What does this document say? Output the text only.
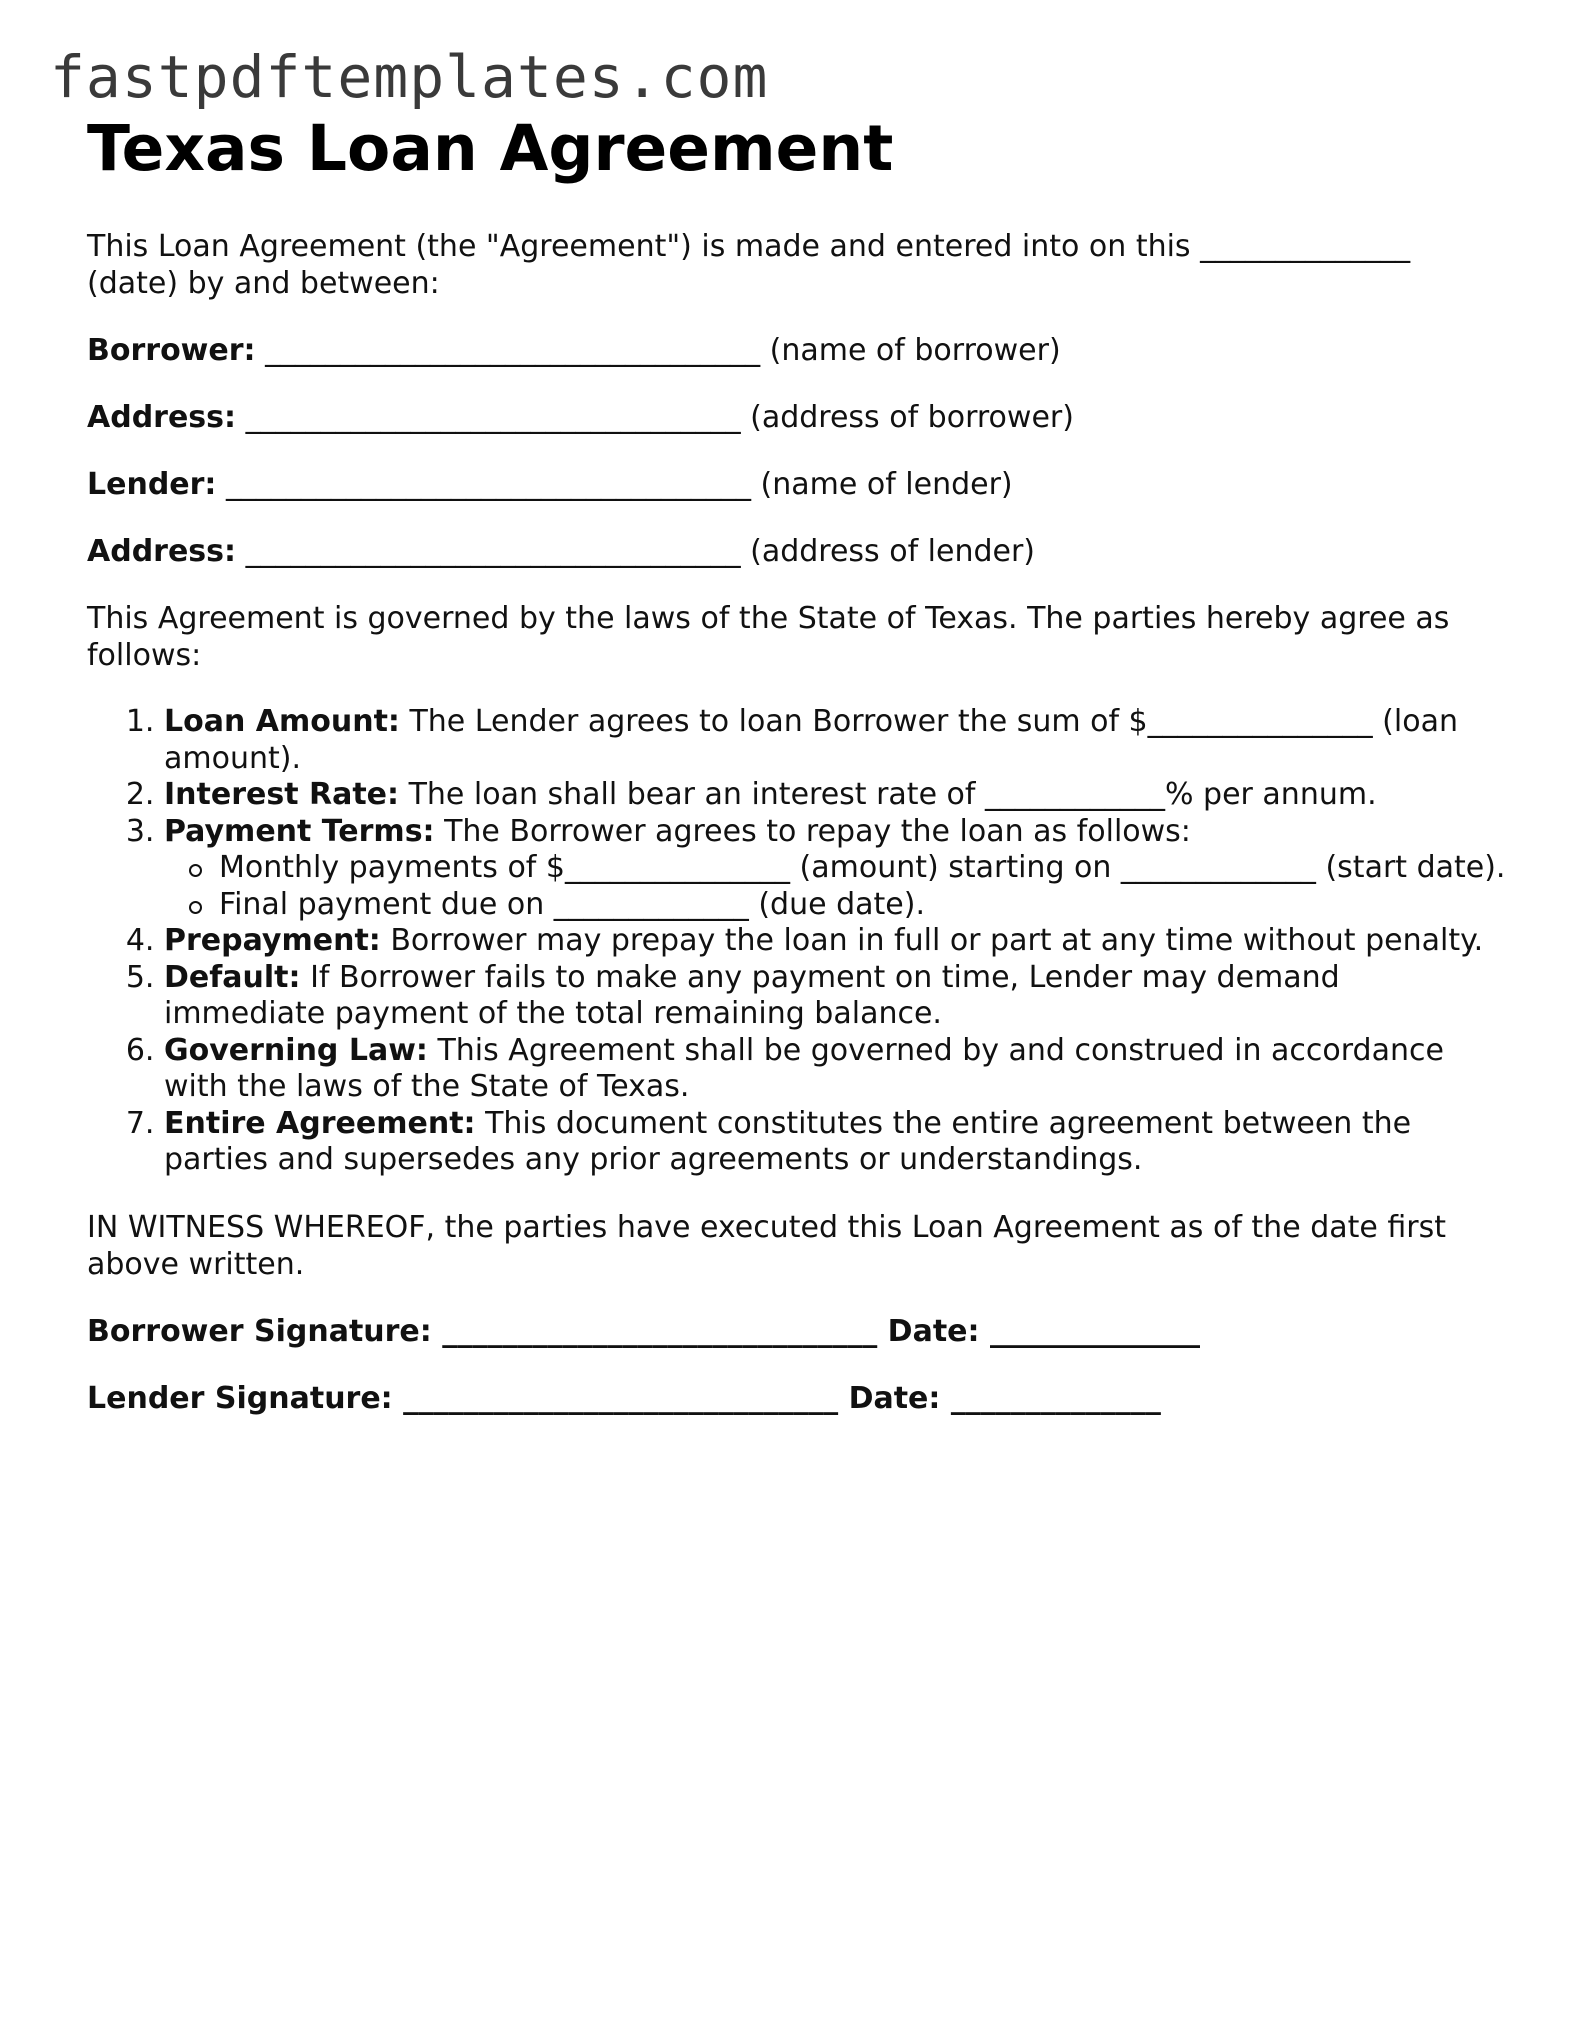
fastpdftemplates.com
Texas Loan Agreement

This Loan Agreement (the "Agreement") is made and entered into on this ______________ (date) by and between:

Borrower: _________________________________ (name of borrower)

Address: _________________________________ (address of borrower)

Lender: ___________________________________ (name of lender)

Address: _________________________________ (address of lender)

This Agreement is governed by the laws of the State of Texas. The parties hereby agree as follows:

1. Loan Amount: The Lender agrees to loan Borrower the sum of $_______________ (loan amount).
2. Interest Rate: The loan shall bear an interest rate of ____________% per annum.
3. Payment Terms: The Borrower agrees to repay the loan as follows:
Monthly payments of $_______________ (amount) starting on _____________ (start date).
Final payment due on _____________ (due date).
4. Prepayment: Borrower may prepay the loan in full or part at any time without penalty.
5. Default: If Borrower fails to make any payment on time, Lender may demand immediate payment of the total remaining balance.
6. Governing Law: This Agreement shall be governed by and construed in accordance with the laws of the State of Texas.
7. Entire Agreement: This document constitutes the entire agreement between the parties and supersedes any prior agreements or understandings.

IN WITNESS WHEREOF, the parties have executed this Loan Agreement as of the date first above written.

Borrower Signature: _____________________________ Date: ______________

Lender Signature: _____________________________ Date: ______________
